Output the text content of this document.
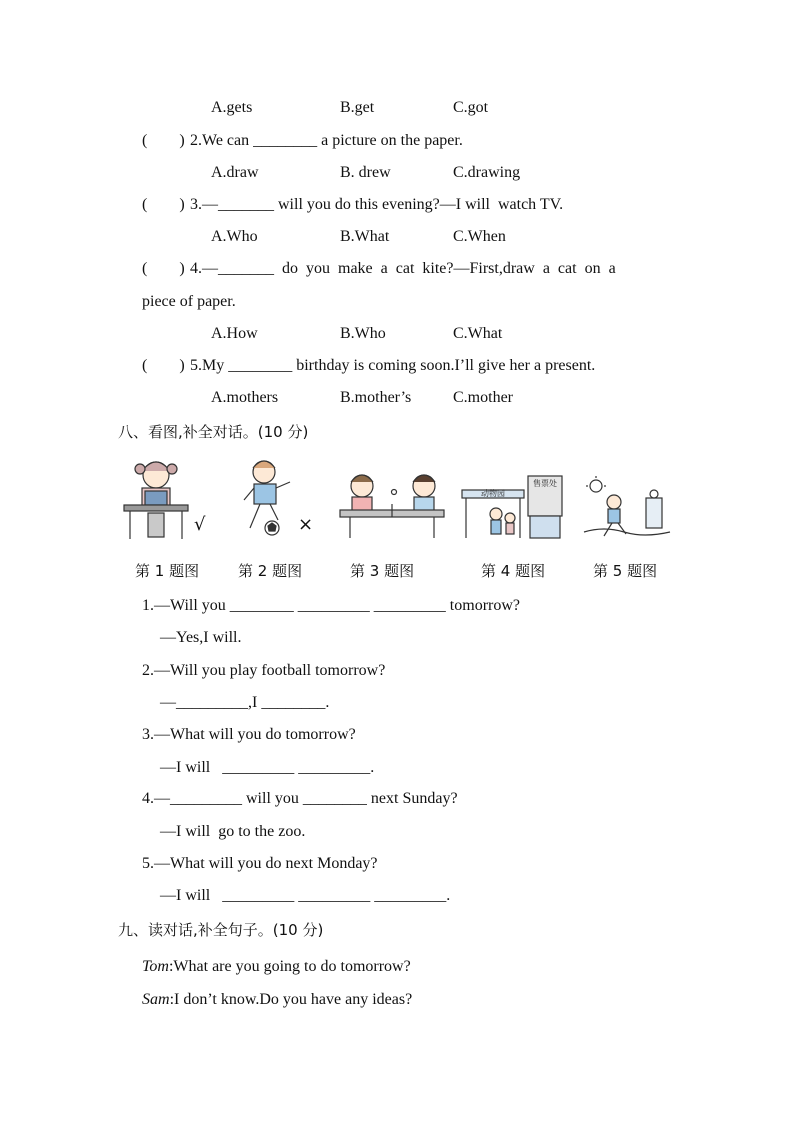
A.gets	B.get	C.got
(        ) 2.We can ________ a picture on the paper.
A.draw	B. drew	C.drawing
(        ) 3.—_______ will you do this evening?—I will  watch TV.
A.Who	B.What	C.When
(        ) 4.—_______ do you make a cat kite?—First,draw a cat on a
piece of paper.
A.How	B.Who	C.What
(        ) 5.My ________ birthday is coming soon.I’ll give her a present.
A.mothers	B.mother’s	C.mother
八、看图,补全对话。(10 分)
√	×
动物园
售票处
第 1 题图	第 2 题图	第 3 题图	第 4 题图	第 5 题图
1.—Will you ________ _________ _________ tomorrow?
—Yes,I will.
2.—Will you play football tomorrow?
—_________,I ________.
3.—What will you do tomorrow?
—I will   _________ _________.
4.—_________ will you ________ next Sunday?
—I will  go to the zoo.
5.—What will you do next Monday?
—I will   _________ _________ _________.
九、读对话,补全句子。(10 分)
Tom:What are you going to do tomorrow?
Sam:I don’t know.Do you have any ideas?
